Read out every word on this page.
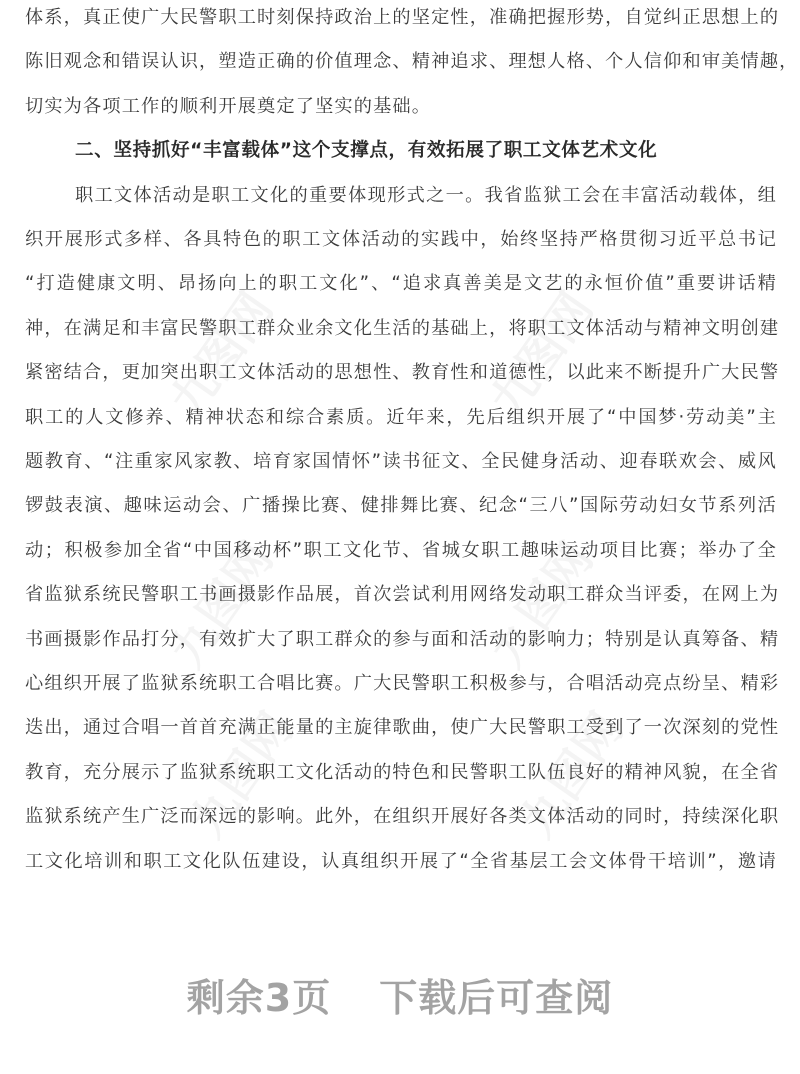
九图网	九图网
九图网	九图网
九图网	九图网
体系，真正使广大民警职工时刻保持政治上的坚定性，准确把握形势，自觉纠正思想上的
陈旧观念和错误认识，塑造正确的价值理念、精神追求、理想人格、个人信仰和审美情趣，
切实为各项工作的顺利开展奠定了坚实的基础。
二、坚持抓好“丰富载体”这个支撑点，有效拓展了职工文体艺术文化
职工文体活动是职工文化的重要体现形式之一。我省监狱工会在丰富活动载体，组
织开展形式多样、各具特色的职工文体活动的实践中，始终坚持严格贯彻习近平总书记
“打造健康文明、昂扬向上的职工文化”、“追求真善美是文艺的永恒价值”重要讲话精
神，在满足和丰富民警职工群众业余文化生活的基础上，将职工文体活动与精神文明创建
紧密结合，更加突出职工文体活动的思想性、教育性和道德性，以此来不断提升广大民警
职工的人文修养、精神状态和综合素质。近年来，先后组织开展了“中国梦·劳动美”主
题教育、“注重家风家教、培育家国情怀”读书征文、全民健身活动、迎春联欢会、威风
锣鼓表演、趣味运动会、广播操比赛、健排舞比赛、纪念“三八”国际劳动妇女节系列活
动；积极参加全省“中国移动杯”职工文化节、省城女职工趣味运动项目比赛；举办了全
省监狱系统民警职工书画摄影作品展，首次尝试利用网络发动职工群众当评委，在网上为
书画摄影作品打分，有效扩大了职工群众的参与面和活动的影响力；特别是认真筹备、精
心组织开展了监狱系统职工合唱比赛。广大民警职工积极参与，合唱活动亮点纷呈、精彩
迭出，通过合唱一首首充满正能量的主旋律歌曲，使广大民警职工受到了一次深刻的党性
教育，充分展示了监狱系统职工文化活动的特色和民警职工队伍良好的精神风貌，在全省
监狱系统产生广泛而深远的影响。此外，在组织开展好各类文体活动的同时，持续深化职
工文化培训和职工文化队伍建设，认真组织开展了“全省基层工会文体骨干培训”，邀请
剩余3页 下载后可查阅
